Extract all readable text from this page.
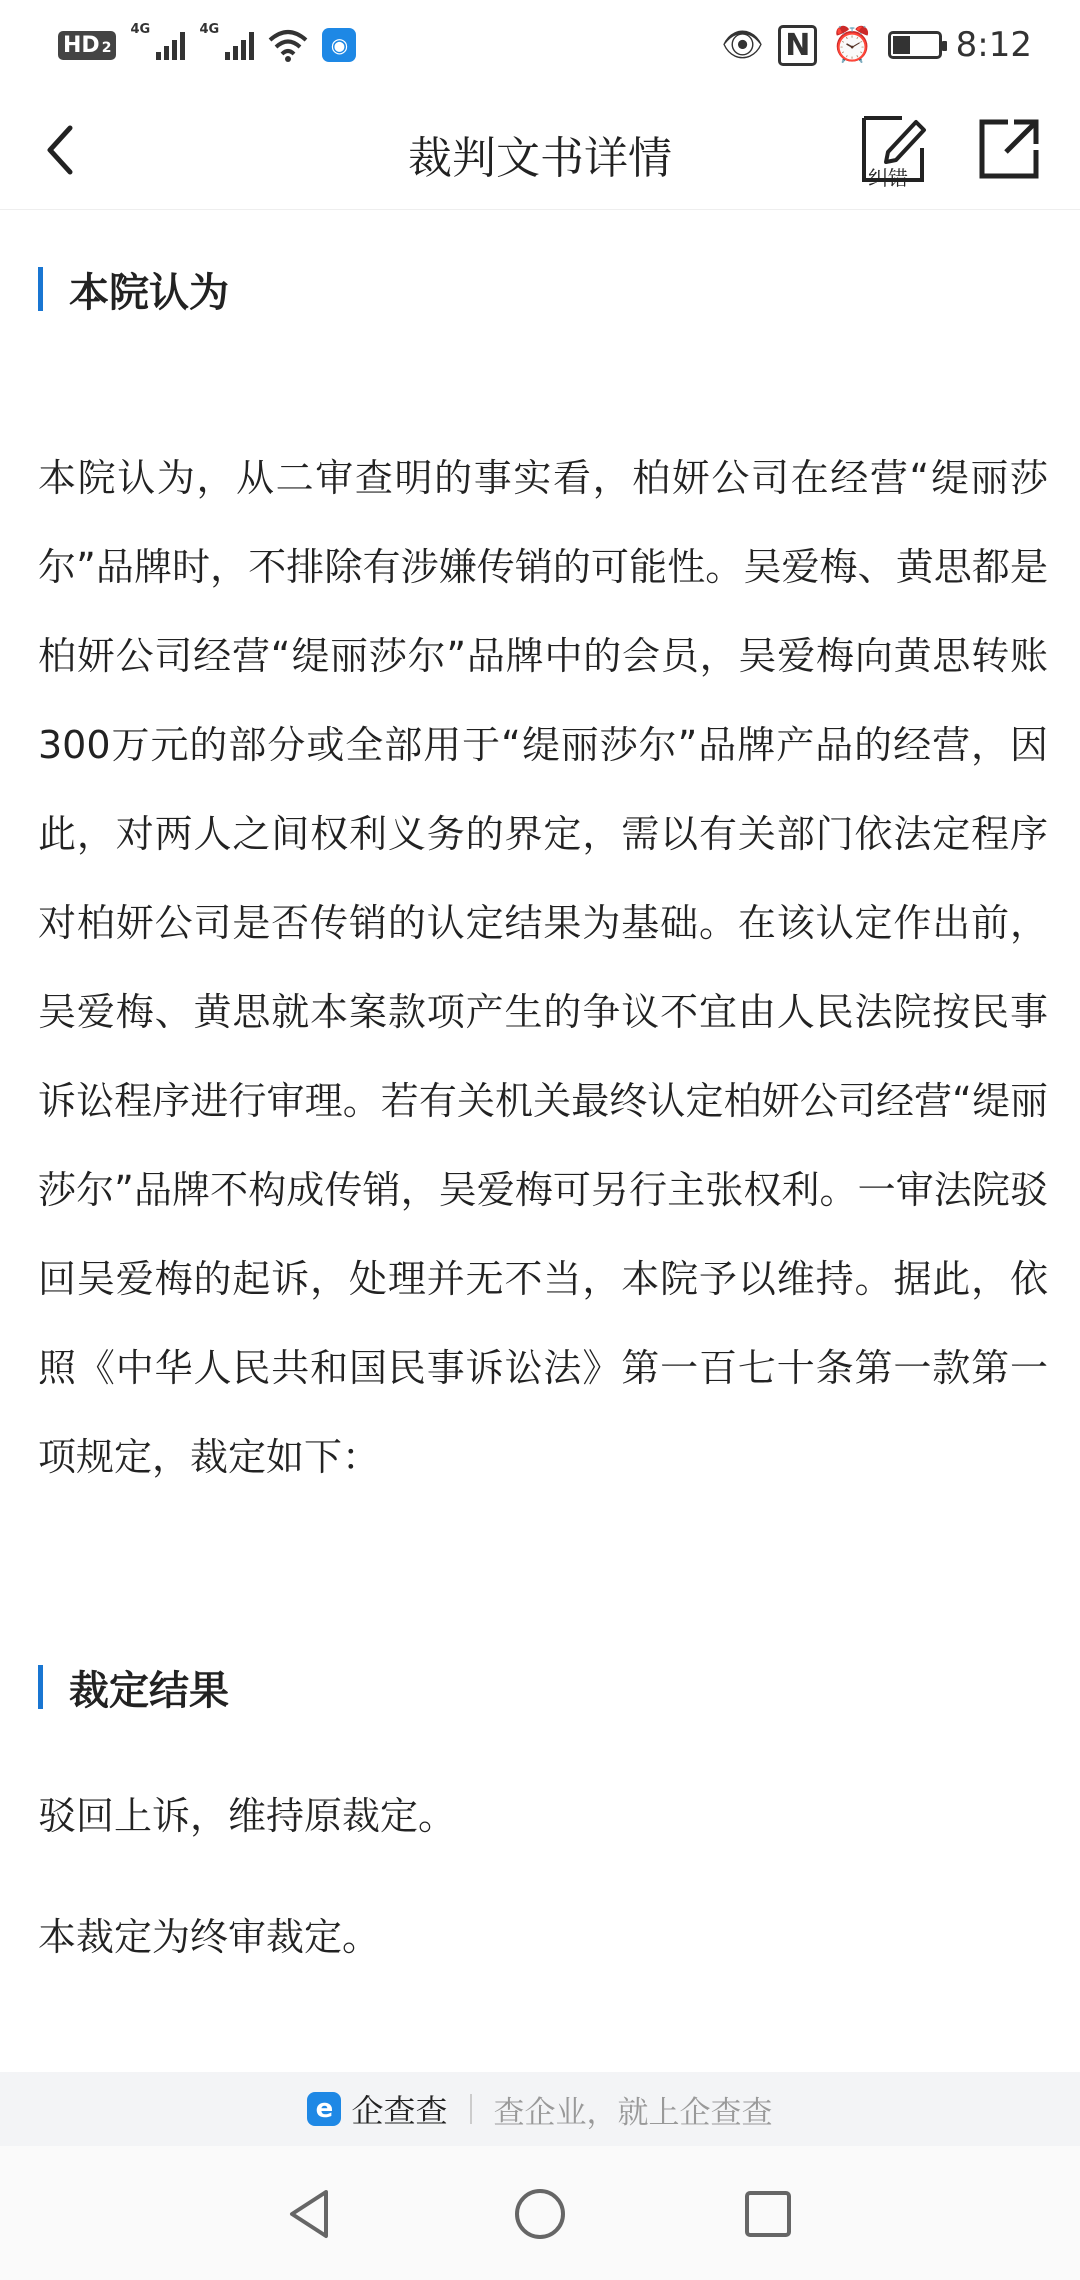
HD 2
4G	4G
◉	👁 N ⏰ 8:12
裁判文书详情	纠错
本院认为

本院认为，从二审查明的事实看，柏妍公司在经营“缇丽莎尔”品牌时，不排除有涉嫌传销的可能性。吴爱梅、黄思都是柏妍公司经营“缇丽莎尔”品牌中的会员，吴爱梅向黄思转账300万元的部分或全部用于“缇丽莎尔”品牌产品的经营，因此，对两人之间权利义务的界定，需以有关部门依法定程序对柏妍公司是否传销的认定结果为基础。在该认定作出前，吴爱梅、黄思就本案款项产生的争议不宜由人民法院按民事诉讼程序进行审理。若有关机关最终认定柏妍公司经营“缇丽莎尔”品牌不构成传销，吴爱梅可另行主张权利。一审法院驳回吴爱梅的起诉，处理并无不当，本院予以维持。据此，依照《中华人民共和国民事诉讼法》第一百七十条第一款第一项规定，裁定如下：

裁定结果

驳回上诉，维持原裁定。

本裁定为终审裁定。

e 企查查 查企业，就上企查查
